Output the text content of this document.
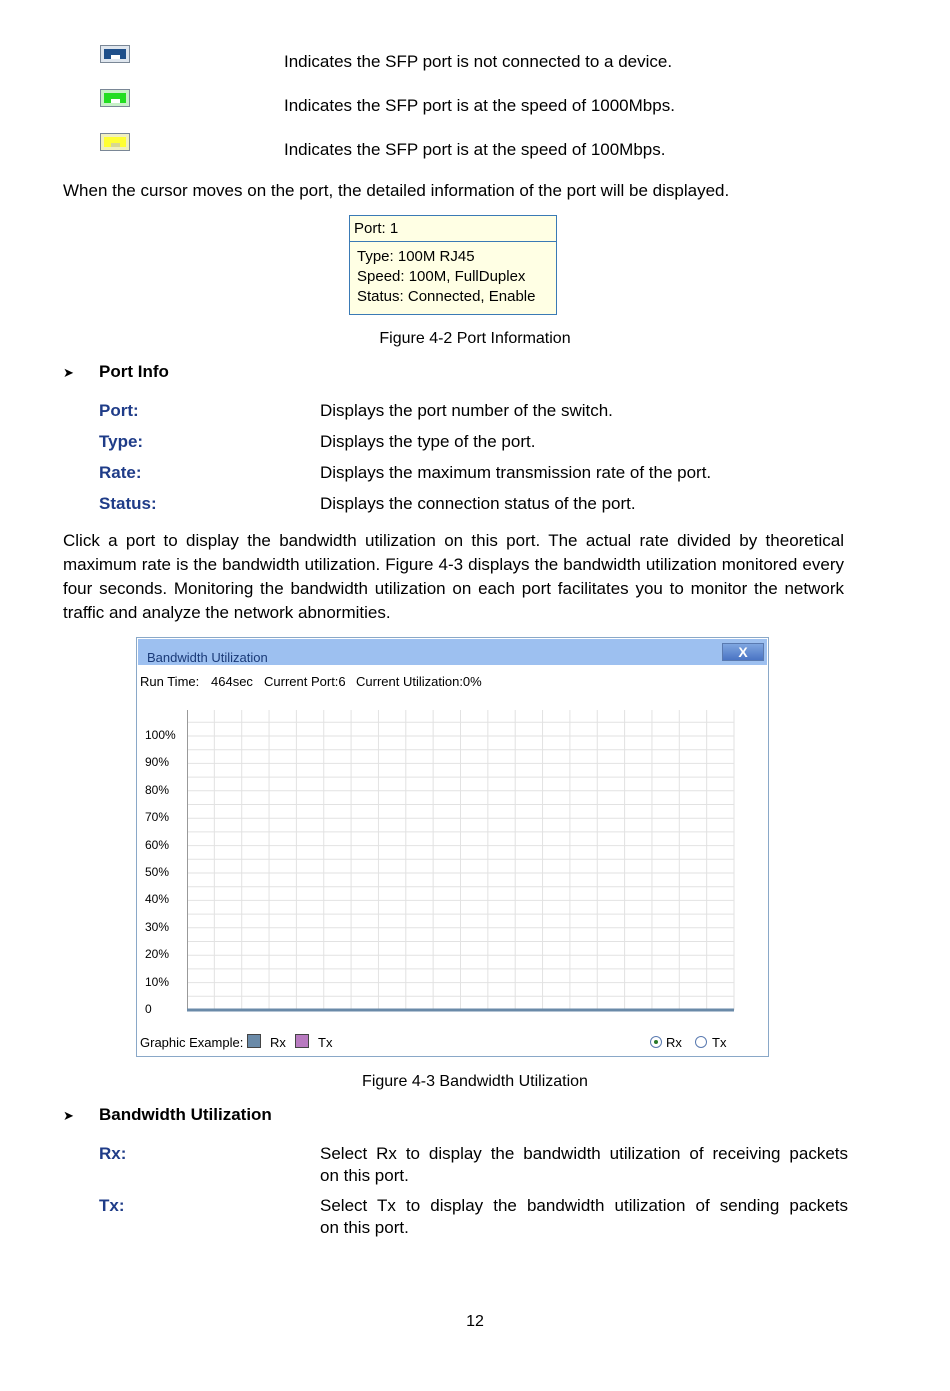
Indicates the SFP port is not connected to a device.
Indicates the SFP port is at the speed of 1000Mbps.
Indicates the SFP port is at the speed of 100Mbps.
When the cursor moves on the port, the detailed information of the port will be displayed.
Port: 1
Type: 100M RJ45
Speed: 100M, FullDuplex
Status: Connected, Enable
Figure 4-2 Port Information
➤ Port Info
Port:	Displays the port number of the switch.
Type:	Displays the type of the port.
Rate:	Displays the maximum transmission rate of the port.
Status:	Displays the connection status of the port.
Click a port to display the bandwidth utilization on this port. The actual rate divided by theoretical maximum rate is the bandwidth utilization. Figure 4-3 displays the bandwidth utilization monitored every four seconds. Monitoring the bandwidth utilization on each port facilitates you to monitor the network traffic and analyze the network abnormities.
Bandwidth Utilization	X
Run Time: 464sec Current Port:6 Current Utilization:0%
100%
90%
80%
70%
60%
50%
40%
30%
20%
10%
0
Graphic Example: Rx Tx	Rx Tx
Figure 4-3 Bandwidth Utilization
➤ Bandwidth Utilization
Rx:	Select Rx to display the bandwidth utilization of receiving packets
on this port.
Tx:	Select Tx to display the bandwidth utilization of sending packets
on this port.
12
